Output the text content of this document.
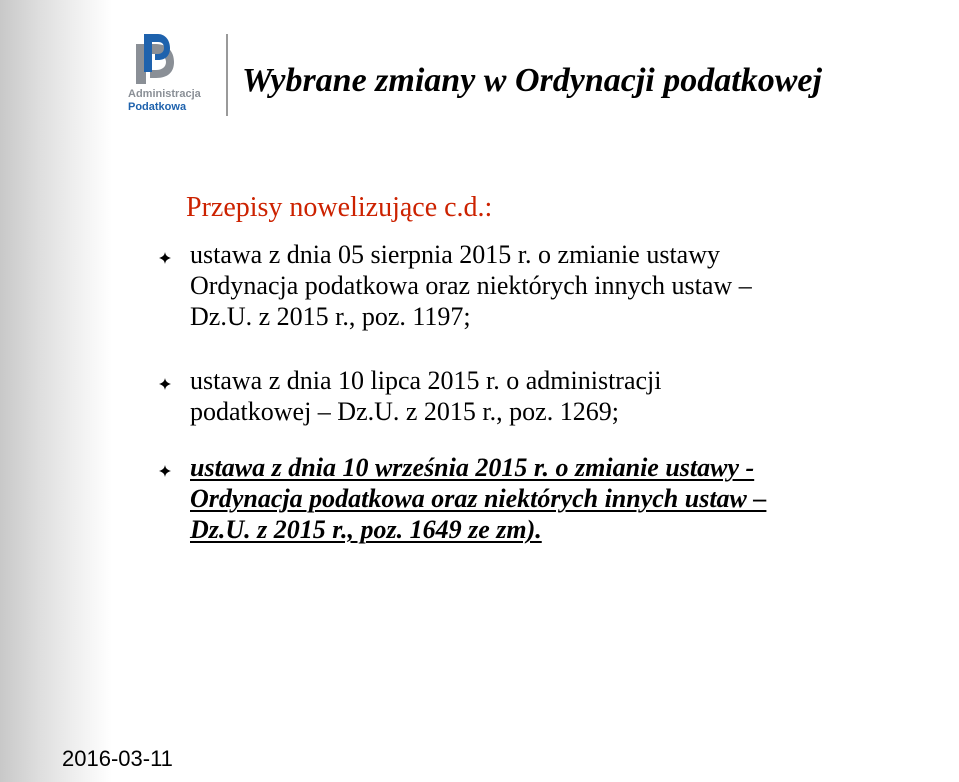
Administracja
Podatkowa
Wybrane zmiany w Ordynacji podatkowej
Przepisy nowelizujące c.d.:
ustawa z dnia 05 sierpnia 2015 r. o zmianie ustawy
Ordynacja podatkowa oraz niektórych innych ustaw –
Dz.U. z 2015 r., poz. 1197;
ustawa z dnia 10 lipca 2015 r. o administracji
podatkowej – Dz.U. z 2015 r., poz. 1269;
ustawa z dnia 10 września 2015 r. o zmianie ustawy -
Ordynacja podatkowa oraz niektórych innych ustaw –
Dz.U. z 2015 r., poz. 1649 ze zm).
2016-03-11
